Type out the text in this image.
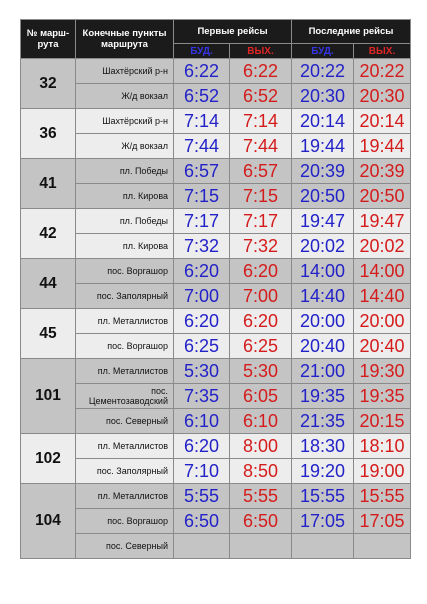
№ марш-рута	Конечные пункты маршрута	Первые рейсы		Последние рейсы	
		БУД.	ВЫХ.	БУД.	ВЫХ.
32	Шахтёрский р-н	6:22	6:22	20:22	20:22
	Ж/д вокзал	6:52	6:52	20:30	20:30
36	Шахтёрский р-н	7:14	7:14	20:14	20:14
	Ж/д вокзал	7:44	7:44	19:44	19:44
41	пл. Победы	6:57	6:57	20:39	20:39
	пл. Кирова	7:15	7:15	20:50	20:50
42	пл. Победы	7:17	7:17	19:47	19:47
	пл. Кирова	7:32	7:32	20:02	20:02
44	пос. Воргашор	6:20	6:20	14:00	14:00
	пос. Заполярный	7:00	7:00	14:40	14:40
45	пл. Металлистов	6:20	6:20	20:00	20:00
	пос. Воргашор	6:25	6:25	20:40	20:40
101	пл. Металлистов	5:30	5:30	21:00	19:30
	пос. Цементозаводский	7:35	6:05	19:35	19:35
	пос. Северный	6:10	6:10	21:35	20:15
102	пл. Металлистов	6:20	8:00	18:30	18:10
	пос. Заполярный	7:10	8:50	19:20	19:00
104	пл. Металлистов	5:55	5:55	15:55	15:55
	пос. Воргашор	6:50	6:50	17:05	17:05
	пос. Северный				
